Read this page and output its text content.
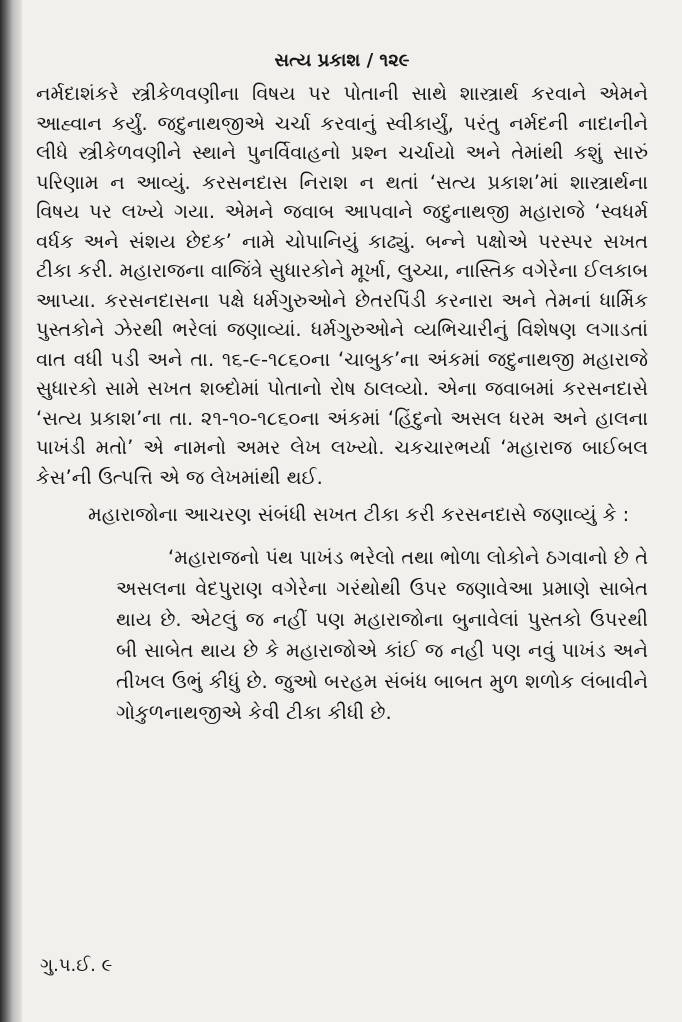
સત્ય પ્રકાશ / ૧૨૯

નર્મદાશંકરે સ્ત્રીકેળવણીના વિષય પર પોતાની સાથે શાસ્ત્રાર્થ કરવાને એમને આહ્વાન કર્યું. જદુનાથજીએ ચર્ચા કરવાનું સ્વીકાર્યું, પરંતુ નર્મદની નાદાનીને લીધે સ્ત્રીકેળવણીને સ્થાને પુનર્વિવાહનો પ્રશ્ન ચર્ચાયો અને તેમાંથી કશું સારું પરિણામ ન આવ્યું. કરસનદાસ નિરાશ ન થતાં ‘સત્ય પ્રકાશ’માં શાસ્ત્રાર્થના વિષય પર લખ્યે ગયા. એમને જવાબ આપવાને જદુનાથજી મહારાજે ‘સ્વધર્મ વર્ધક અને સંશય છેદક’ નામે ચોપાનિયું કાઢ્યું. બન્ને પક્ષોએ પરસ્પર સખત ટીકા કરી. મહારાજના વાજિંત્રે સુધારકોને મૂર્ખા, લુચ્ચા, નાસ્તિક વગેરેના ઈલકાબ આપ્યા. કરસનદાસના પક્ષે ધર્મગુરુઓને છેતરપિંડી કરનારા અને તેમનાં ધાર્મિક પુસ્તકોને ઝેરથી ભરેલાં જણાવ્યાં. ધર્મગુરુઓને વ્યભિચારીનું વિશેષણ લગાડતાં વાત વધી પડી અને તા. ૧૬-૯-૧૮૬૦ના ‘ચાબુક’ના અંકમાં જદુનાથજી મહારાજે સુધારકો સામે સખત શબ્દોમાં પોતાનો રોષ ઠાલવ્યો. એના જવાબમાં કરસનદાસે ‘સત્ય પ્રકાશ’ના તા. ૨૧-૧૦-૧૮૬૦ના અંકમાં ‘હિંદુનો અસલ ધરમ અને હાલના પાખંડી મતો’ એ નામનો અમર લેખ લખ્યો. ચકચારભર્યા ‘મહારાજ બાઈબલ કેસ’ની ઉત્પત્તિ એ જ લેખમાંથી થઈ.

મહારાજોના આચરણ સંબંધી સખત ટીકા કરી કરસનદાસે જણાવ્યું કે :

‘મહારાજનો પંથ પાખંડ ભરેલો તથા ભોળા લોકોને ઠગવાનો છે તે અસલના વેદપુરાણ વગેરેના ગરંથોથી ઉપર જણાવેઆ પ્રમાણે સાબેત થાય છે. એટલું જ નહીં પણ મહારાજોના બુનાવેલાં પુસ્તકો ઉપરથી બી સાબેત થાય છે કે મહારાજોએ કાંઈ જ નહી પણ નવું પાખંડ અને તીખલ ઉભું કીધું છે. જુઓ બરહમ સંબંધ બાબત મુળ શળોક લંબાવીને ગોકુળનાથજીએ કેવી ટીકા કીધી છે.

ગુ.પ.ઈ. ૯
